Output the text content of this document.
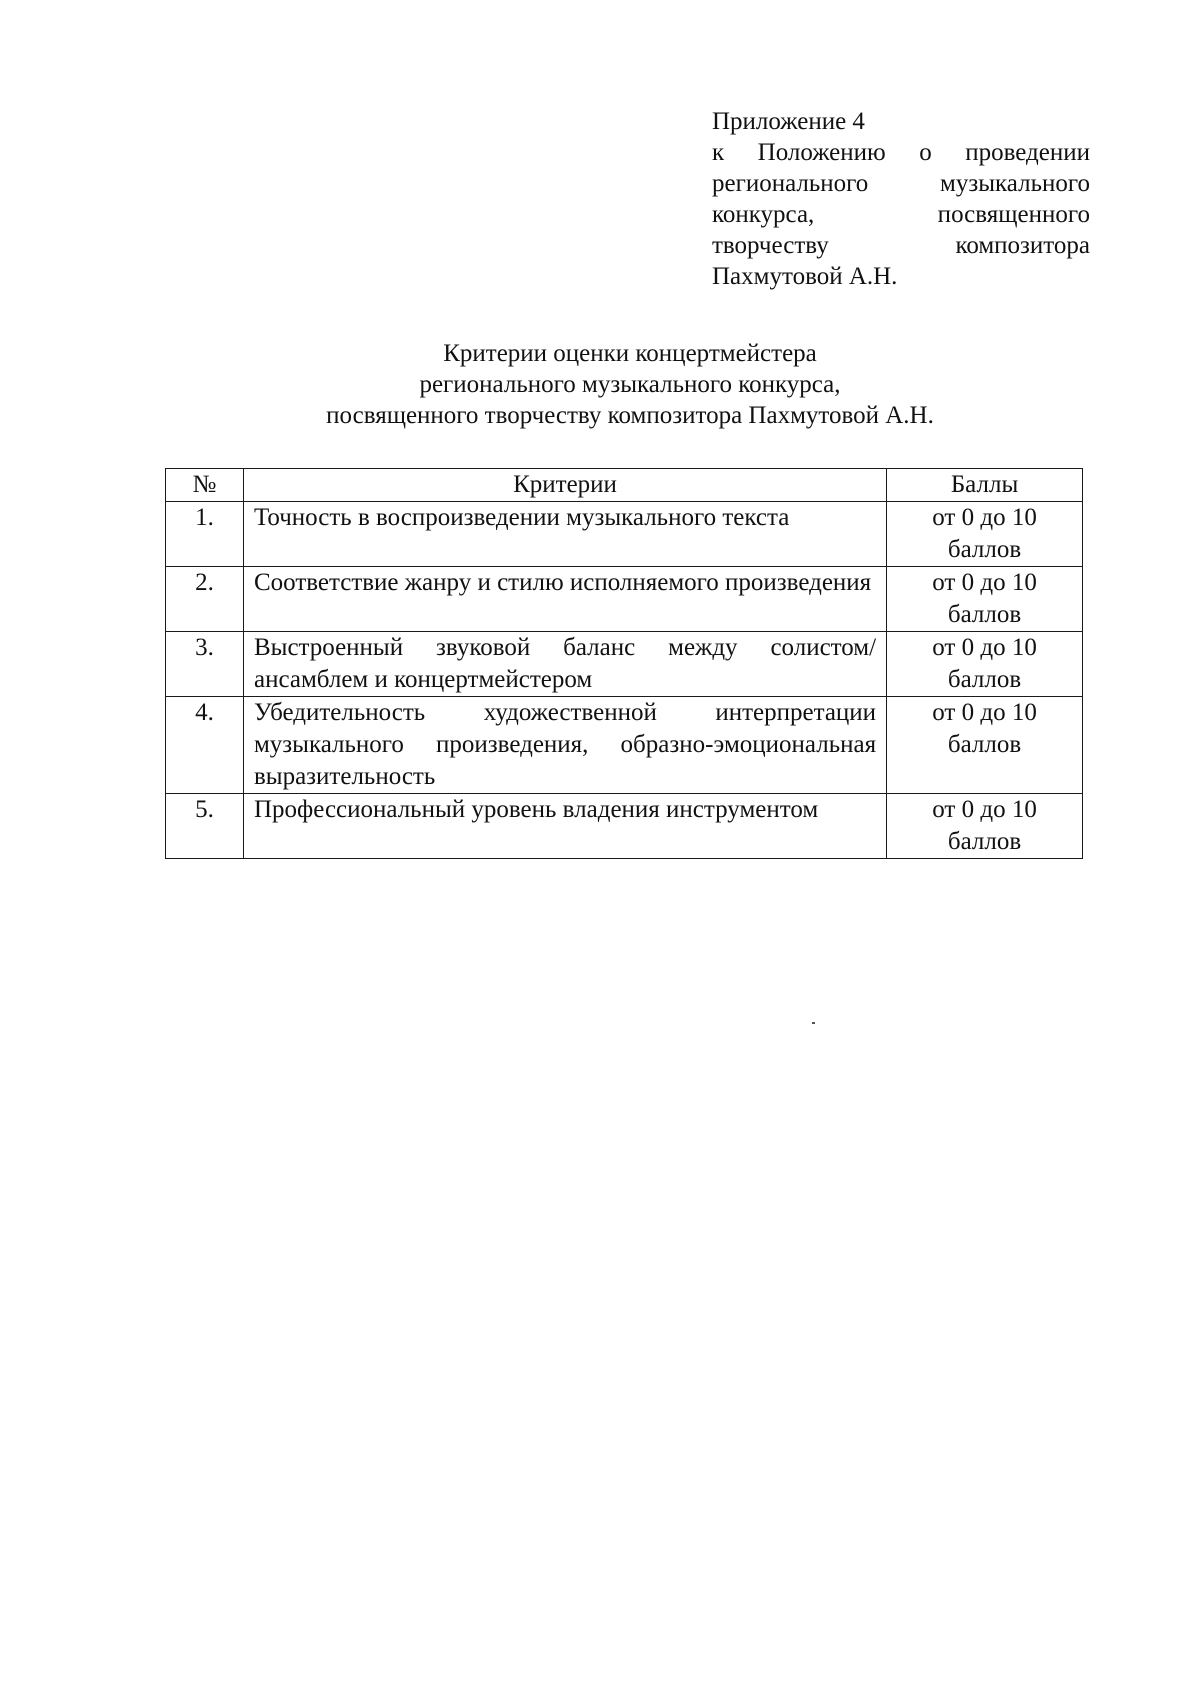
Приложение 4
к Положению о проведении
регионального музыкального
конкурса, посвященного
творчеству композитора
Пахмутовой А.Н.
Критерии оценки концертмейстера
регионального музыкального конкурса,
посвященного творчеству композитора Пахмутовой А.Н.
№	Критерии	Баллы
1.	Точность в воспроизведении музыкального текста	от 0 до 10 баллов

2.	Соответствие жанру и стилю исполняемого произведения	от 0 до 10 баллов

3.	Выстроенный звуковой баланс между солистом/ансамблем и концертмейстером	от 0 до 10 баллов

4.	Убедительность художественной интерпретации музыкального произведения, образно-эмоциональная выразительность	от 0 до 10 баллов

5.	Профессиональный уровень владения инструментом	от 0 до 10 баллов
